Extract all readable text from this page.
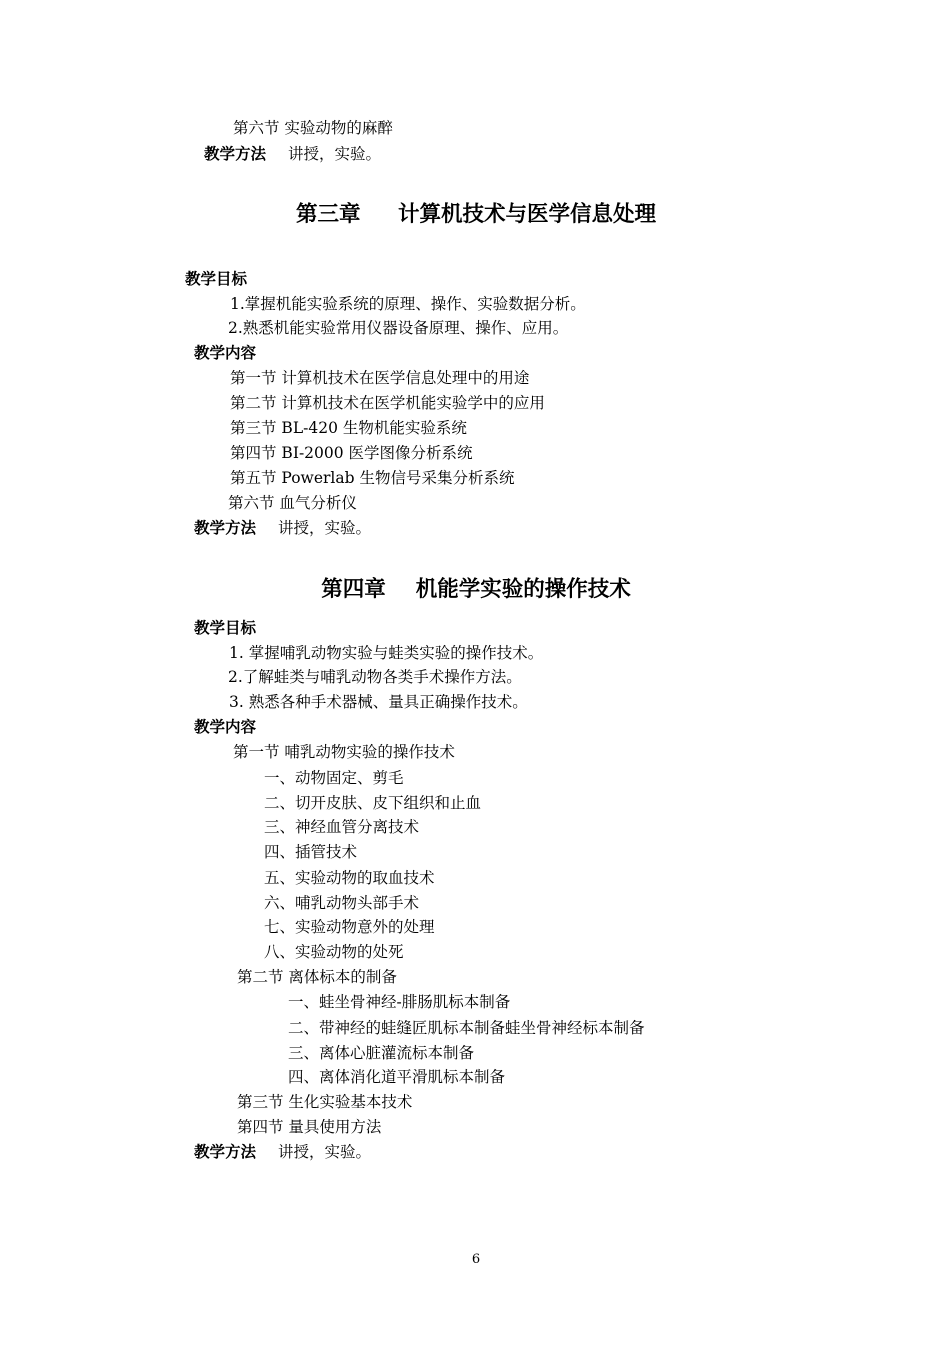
第六节 实验动物的麻醉
教学方法 讲授，实验。
第三章     计算机技术与医学信息处理
教学目标
1.掌握机能实验系统的原理、操作、实验数据分析。
2.熟悉机能实验常用仪器设备原理、操作、应用。
教学内容
第一节 计算机技术在医学信息处理中的用途
第二节 计算机技术在医学机能实验学中的应用
第三节 BL-420 生物机能实验系统
第四节 BI-2000 医学图像分析系统
第五节 Powerlab 生物信号采集分析系统
第六节 血气分析仪
教学方法 讲授，实验。
第四章    机能学实验的操作技术
教学目标
1. 掌握哺乳动物实验与蛙类实验的操作技术。
2.了解蛙类与哺乳动物各类手术操作方法。
3. 熟悉各种手术器械、量具正确操作技术。
教学内容
第一节 哺乳动物实验的操作技术
一、动物固定、剪毛
二、切开皮肤、皮下组织和止血
三、神经血管分离技术
四、插管技术
五、实验动物的取血技术
六、哺乳动物头部手术
七、实验动物意外的处理
八、实验动物的处死
第二节 离体标本的制备
一、蛙坐骨神经-腓肠肌标本制备
二、带神经的蛙缝匠肌标本制备蛙坐骨神经标本制备
三、离体心脏灌流标本制备
四、离体消化道平滑肌标本制备
第三节 生化实验基本技术
第四节 量具使用方法
教学方法 讲授，实验。
6
